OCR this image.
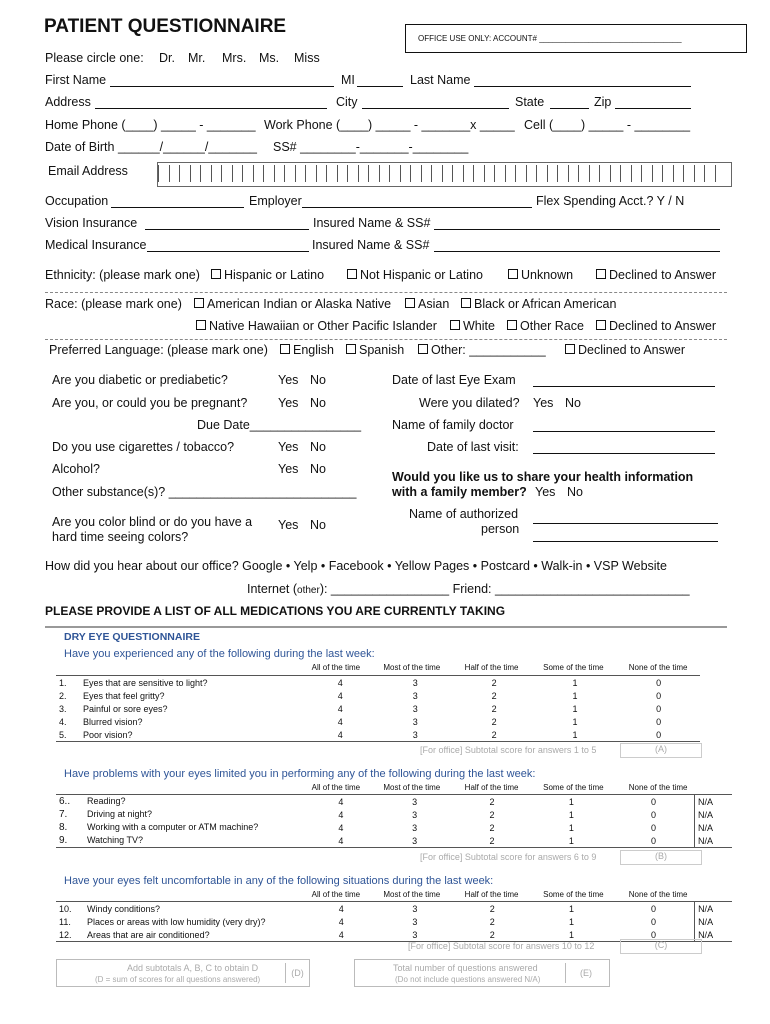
PATIENT QUESTIONNAIRE
OFFICE USE ONLY: ACCOUNT# ________________________________
Please circle one: Dr. Mr. Mrs. Ms. Miss
First Name	MI	Last Name
Address	City	State	Zip
Home Phone (____) _____ - _______ Work Phone (____) _____ - _______x _____ Cell (____) _____ - ________
Date of Birth ______/______/_______ SS# ________-_______-________
Email Address
Occupation	Employer	Flex Spending Acct.? Y / N
Vision Insurance	Insured Name & SS#
Medical Insurance	Insured Name & SS#
Ethnicity: (please mark one)	Hispanic or Latino	Not Hispanic or Latino	Unknown	Declined to Answer
Race: (please mark one)	American Indian or Alaska Native	Asian	Black or African American
Native Hawaiian or Other Pacific Islander	White	Other Race	Declined to Answer
Preferred Language: (please mark one)	English	Spanish	Other: ___________	Declined to Answer
Are you diabetic or prediabetic?	Yes No
Are you, or could you be pregnant? Yes No
Due Date________________
Do you use cigarettes / tobacco?	Yes No
Alcohol?	Yes No
Other substance(s)? ___________________________
Are you color blind or do you have a
hard time seeing colors?
Yes No
Date of last Eye Exam
Were you dilated? Yes No
Name of family doctor
Date of last visit:
Would you like us to share your health information
with a family member? Yes No
Name of authorized
person
How did you hear about our office? Google • Yelp • Facebook • Yellow Pages • Postcard • Walk-in • VSP Website
Internet (other): _________________ Friend: ____________________________
PLEASE PROVIDE A LIST OF ALL MEDICATIONS YOU ARE CURRENTLY TAKING
DRY EYE QUESTIONNAIRE
Have you experienced any of the following during the last week:
	All of the time	Most of the time	Half of the time	Some of the time	None of the time
1. Eyes that are sensitive to light?	4	3	2	1	0
2. Eyes that feel gritty?	4	3	2	1	0
3. Painful or sore eyes?	4	3	2	1	0
4. Blurred vision?	4	3	2	1	0
5. Poor vision?	4	3	2	1	0
[For office] Subtotal score for answers 1 to 5	(A)
Have problems with your eyes limited you in performing any of the following during the last week:
	All of the time	Most of the time	Half of the time	Some of the time	None of the time
6.. Reading?	4	3	2	1	0	N/A
7. Driving at night?	4	3	2	1	0	N/A
8. Working with a computer or ATM machine?	4	3	2	1	0	N/A
9. Watching TV?	4	3	2	1	0	N/A
[For office] Subtotal score for answers 6 to 9	(B)
Have your eyes felt uncomfortable in any of the following situations during the last week:
	All of the time	Most of the time	Half of the time	Some of the time	None of the time
10. Windy conditions?	4	3	2	1	0	N/A
11. Places or areas with low humidity (very dry)?	4	3	2	1	0	N/A
12. Areas that are air conditioned?	4	3	2	1	0	N/A
[For office] Subtotal score for answers 10 to 12	(C)
Add subtotals A, B, C to obtain D
(D = sum of scores for all questions answered)
(D)	Total number of questions answered
(Do not include questions answered N/A)
(E)
